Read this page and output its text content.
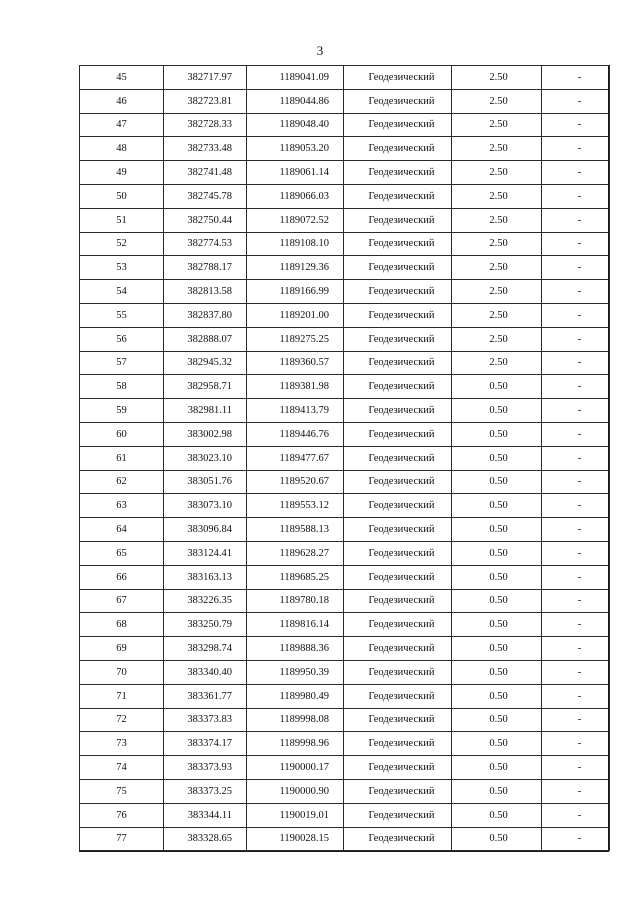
3
45	382717.97	1189041.09	Геодезический	2.50	-
46	382723.81	1189044.86	Геодезический	2.50	-
47	382728.33	1189048.40	Геодезический	2.50	-
48	382733.48	1189053.20	Геодезический	2.50	-
49	382741.48	1189061.14	Геодезический	2.50	-
50	382745.78	1189066.03	Геодезический	2.50	-
51	382750.44	1189072.52	Геодезический	2.50	-
52	382774.53	1189108.10	Геодезический	2.50	-
53	382788.17	1189129.36	Геодезический	2.50	-
54	382813.58	1189166.99	Геодезический	2.50	-
55	382837.80	1189201.00	Геодезический	2.50	-
56	382888.07	1189275.25	Геодезический	2.50	-
57	382945.32	1189360.57	Геодезический	2.50	-
58	382958.71	1189381.98	Геодезический	0.50	-
59	382981.11	1189413.79	Геодезический	0.50	-
60	383002.98	1189446.76	Геодезический	0.50	-
61	383023.10	1189477.67	Геодезический	0.50	-
62	383051.76	1189520.67	Геодезический	0.50	-
63	383073.10	1189553.12	Геодезический	0.50	-
64	383096.84	1189588.13	Геодезический	0.50	-
65	383124.41	1189628.27	Геодезический	0.50	-
66	383163.13	1189685.25	Геодезический	0.50	-
67	383226.35	1189780.18	Геодезический	0.50	-
68	383250.79	1189816.14	Геодезический	0.50	-
69	383298.74	1189888.36	Геодезический	0.50	-
70	383340.40	1189950.39	Геодезический	0.50	-
71	383361.77	1189980.49	Геодезический	0.50	-
72	383373.83	1189998.08	Геодезический	0.50	-
73	383374.17	1189998.96	Геодезический	0.50	-
74	383373.93	1190000.17	Геодезический	0.50	-
75	383373.25	1190000.90	Геодезический	0.50	-
76	383344.11	1190019.01	Геодезический	0.50	-
77	383328.65	1190028.15	Геодезический	0.50	-
